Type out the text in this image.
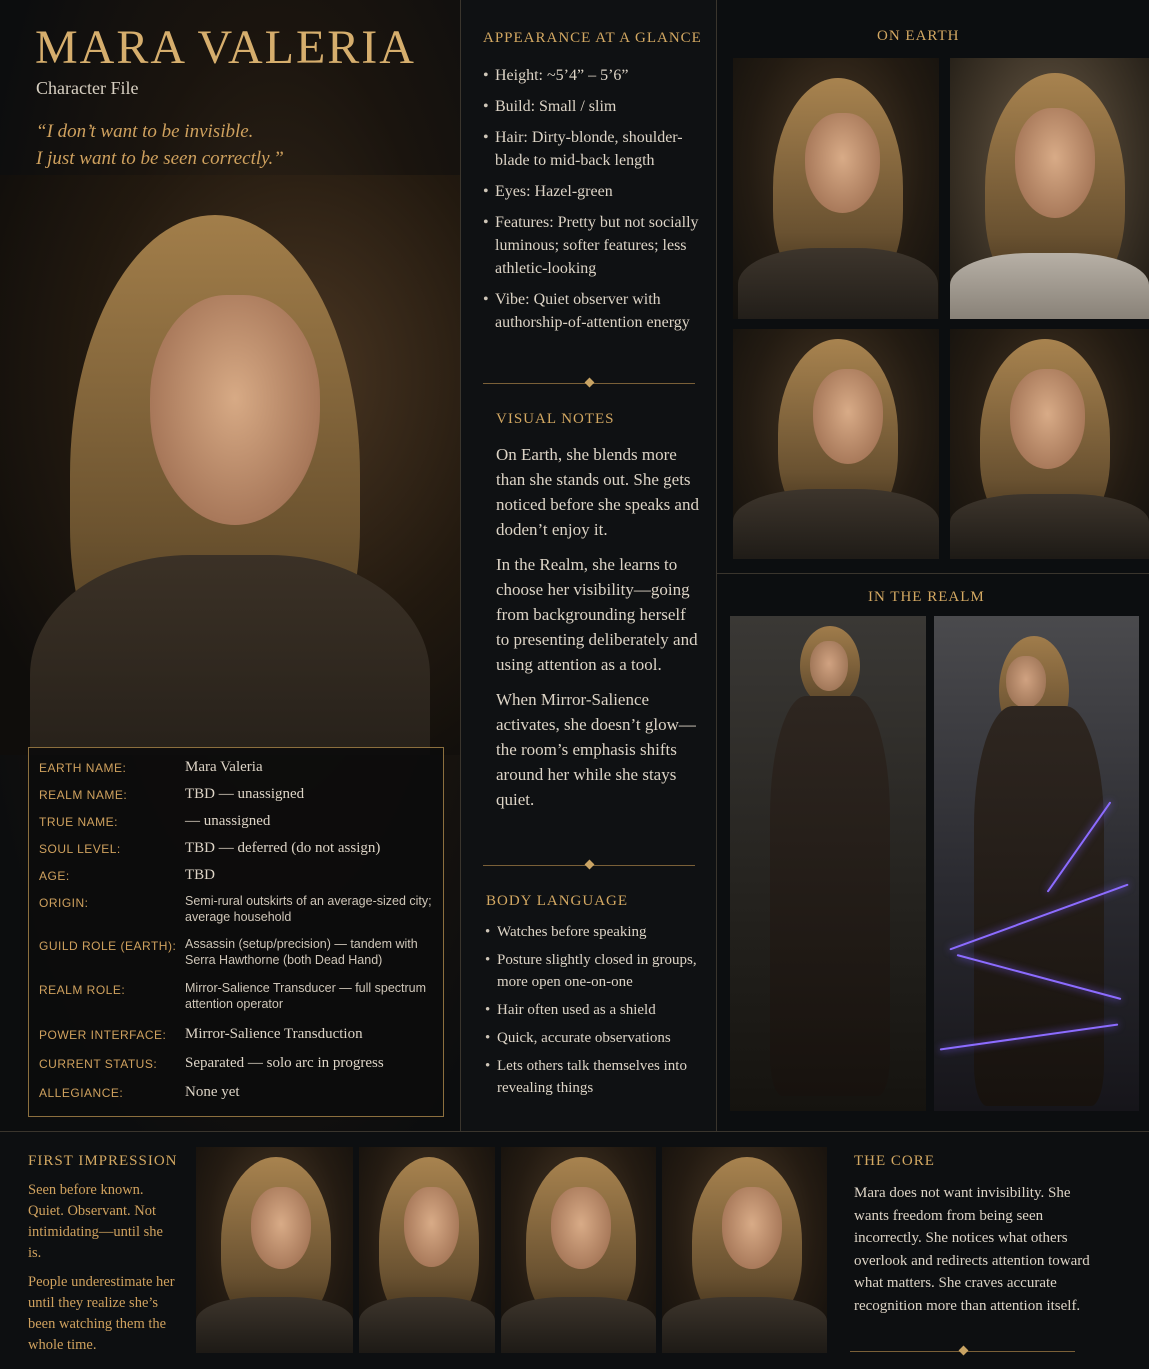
MARA VALERIA
Character File
“I don’t want to be invisible.
I just want to be seen correctly.”
EARTH NAME:	Mara Valeria
REALM NAME:	TBD — unassigned
TRUE NAME:	— unassigned
SOUL LEVEL:	TBD — deferred (do not assign)
AGE:	TBD
ORIGIN:	Semi-rural outskirts of an average-sized city; average household
GUILD ROLE (EARTH): Assassin (setup/precision) — tandem with Serra Hawthorne (both Dead Hand)
REALM ROLE:	Mirror-Salience Transducer — full spectrum attention operator
POWER INTERFACE:	Mirror-Salience Transduction
CURRENT STATUS:	Separated — solo arc in progress
ALLEGIANCE:	None yet
APPEARANCE AT A GLANCE
• Height: ~5’4” – 5’6”
• Build: Small / slim
• Hair: Dirty-blonde, shoulder-blade to mid-back length
• Eyes: Hazel-green
• Features: Pretty but not socially luminous; softer features; less athletic-looking
• Vibe: Quiet observer with authorship-of-attention energy
VISUAL NOTES

On Earth, she blends more than she stands out. She gets noticed before she speaks and doden’t enjoy it.

In the Realm, she learns to choose her visibility—going from backgrounding herself to presenting deliberately and using attention as a tool.

When Mirror-Salience activates, she doesn’t glow—the room’s emphasis shifts around her while she stays quiet.

BODY LANGUAGE
• Watches before speaking
• Posture slightly closed in groups, more open one-on-one
• Hair often used as a shield
• Quick, accurate observations
• Lets others talk themselves into revealing things
ON EARTH
IN THE REALM
FIRST IMPRESSION

Seen before known. Quiet. Observant. Not intimidating—until she is.

People underestimate her until they realize she’s been watching them the whole time.

THE CORE
Mara does not want invisibility. She wants freedom from being seen incorrectly. She notices what others overlook and redirects attention toward what matters. She craves accurate recognition more than attention itself.
